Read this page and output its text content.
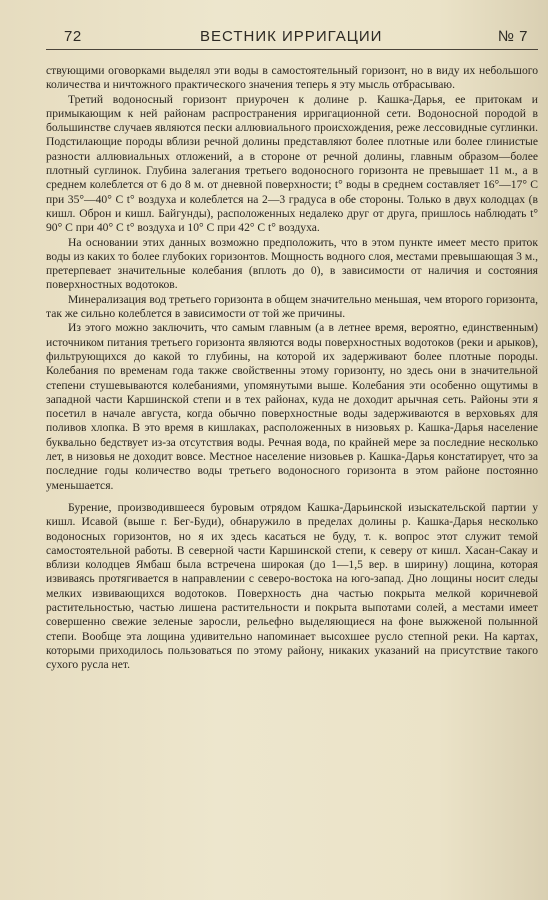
72	ВЕСТНИК ИРРИГАЦИИ	№ 7

ствующими оговорками выделял эти воды в самостоятельный горизонт, но в виду их небольшого количества и ничтожного практического значения теперь я эту мысль отбрасываю.

Третий водоносный горизонт приурочен к долине р. Кашка-Дарья, ее притокам и примыкающим к ней районам распространения ирригационной сети. Водоносной породой в большинстве случаев являются пески аллювиального происхождения, реже лессовидные суглинки. Подстилающие породы вблизи речной долины представляют более плотные или более глинистые разности аллювиальных отложений, а в стороне от речной долины, главным образом—более плотный суглинок. Глубина залегания третьего водоносного горизонта не превышает 11 м., а в среднем колеблется от 6 до 8 м. от дневной поверхности; t° воды в среднем составляет 16°—17° С при 35°—40° С t° воздуха и колеблется на 2—3 градуса в обе стороны. Только в двух колодцах (в кишл. Оброн и кишл. Байгунды), расположенных недалеко друг от друга, пришлось наблюдать t° 90° С при 40° С t° воздуха и 10° С при 42° С t° воздуха.

На основании этих данных возможно предположить, что в этом пункте имеет место приток воды из каких то более глубоких горизонтов. Мощность водного слоя, местами превышающая 3 м., претерпевает значительные колебания (вплоть до 0), в зависимости от наличия и состояния поверхностных водотоков.

Минерализация вод третьего горизонта в общем значительно меньшая, чем второго горизонта, так же сильно колеблется в зависимости от той же причины.

Из этого можно заключить, что самым главным (а в летнее время, вероятно, единственным) источником питания третьего горизонта являются воды поверхностных водотоков (реки и арыков), фильтрующихся до какой то глубины, на которой их задерживают более плотные породы. Колебания по временам года также свойственны этому горизонту, но здесь они в значительной степени стушевываются колебаниями, упомянутыми выше. Колебания эти особенно ощутимы в западной части Каршинской степи и в тех районах, куда не доходит арычная сеть. Районы эти я посетил в начале августа, когда обычно поверхностные воды задерживаются в верховьях для поливов хлопка. В это время в кишлаках, расположенных в низовьях р. Кашка-Дарья население буквально бедствует из-за отсутствия воды. Речная вода, по крайней мере за последние несколько лет, в низовья не доходит вовсе. Местное население низовьев р. Кашка-Дарья констатирует, что за последние годы количество воды третьего водоносного горизонта в этом районе постоянно уменьшается.

Бурение, производившееся буровым отрядом Кашка-Дарьинской изыскательской партии у кишл. Исавой (выше г. Бег-Буди), обнаружило в пределах долины р. Кашка-Дарья несколько водоносных горизонтов, но я их здесь касаться не буду, т. к. вопрос этот служит темой самостоятельной работы. В северной части Каршинской степи, к северу от кишл. Хасан-Сакау и вблизи колодцев Ямбаш была встречена широкая (до 1—1,5 вер. в ширину) лощина, которая извиваясь протягивается в направлении с северо-востока на юго-запад. Дно лощины носит следы мелких извивающихся водотоков. Поверхность дна частью покрыта мелкой коричневой растительностью, частью лишена растительности и покрыта выпотами солей, а местами имеет совершенно свежие зеленые заросли, рельефно выделяющиеся на фоне выжженой полынной степи. Вообще эта лощина удивительно напоминает высохшее русло степной реки. На картах, которыми приходилось пользоваться по этому району, никаких указаний на присутствие такого сухого русла нет.
